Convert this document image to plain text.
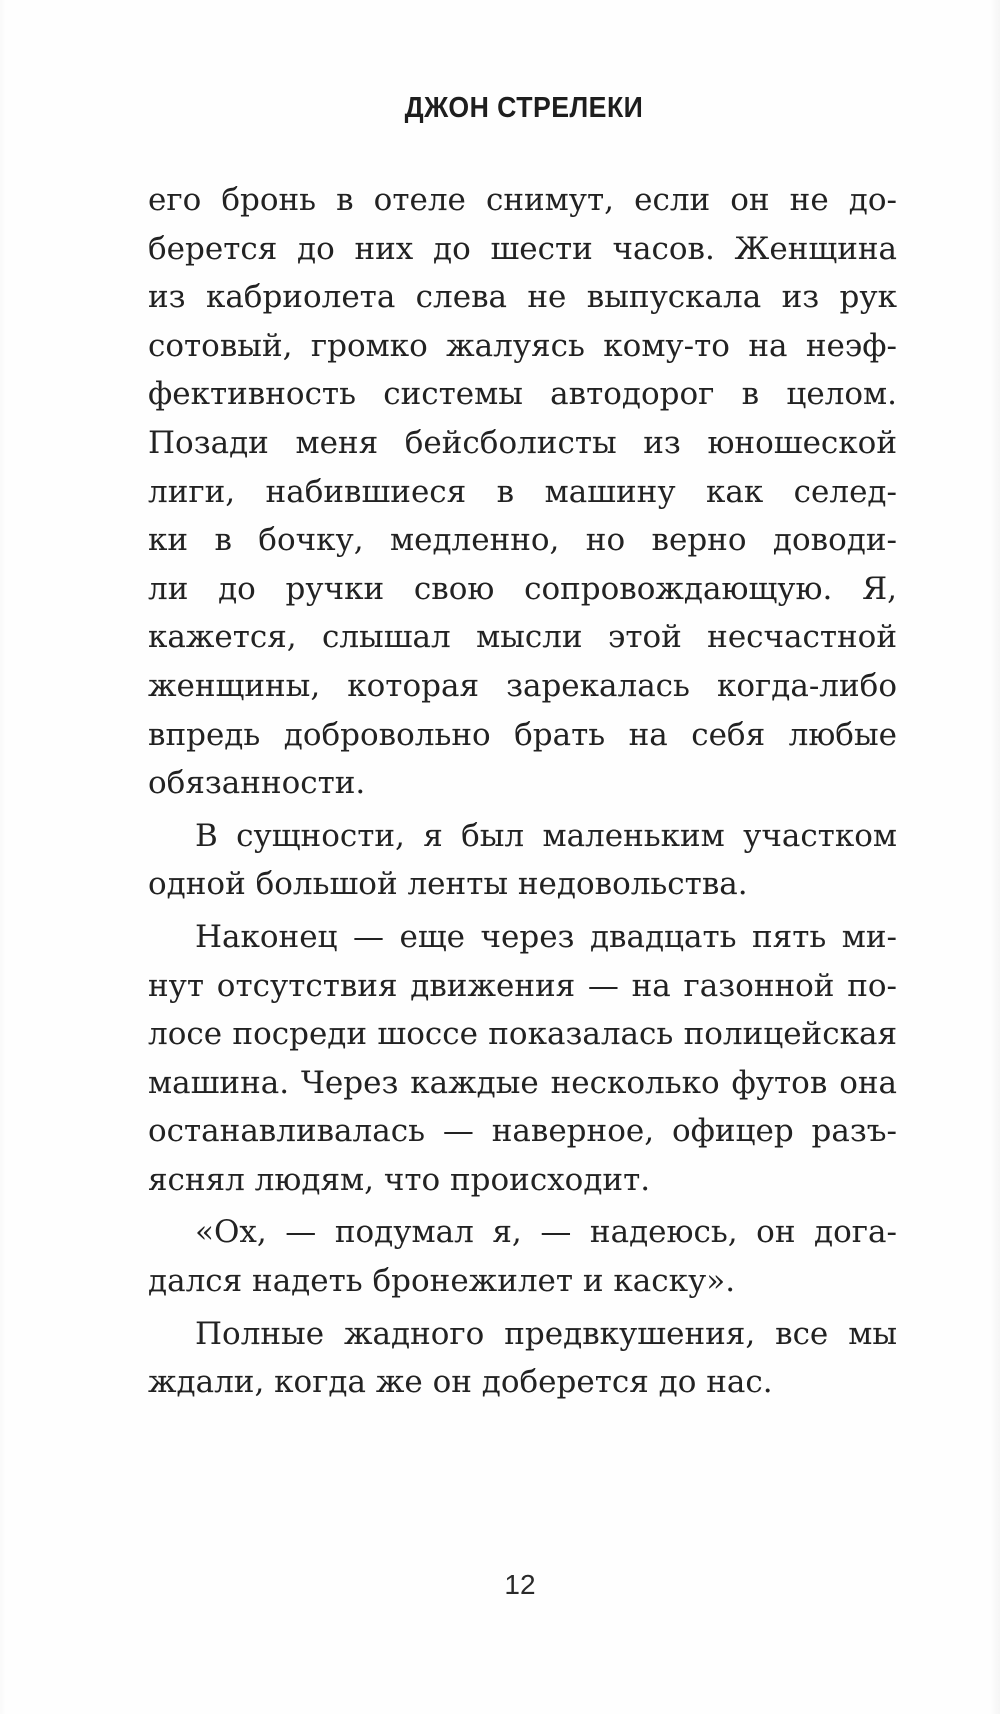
ДЖОН СТРЕЛЕКИ
его бронь в отеле снимут, если он не до-
берется до них до шести часов. Женщина
из кабриолета слева не выпускала из рук
сотовый, громко жалуясь кому-то на неэф-
фективность системы автодорог в целом.
Позади меня бейсболисты из юношеской
лиги, набившиеся в машину как селед-
ки в бочку, медленно, но верно доводи-
ли до ручки свою сопровождающую. Я,
кажется, слышал мысли этой несчастной
женщины, которая зарекалась когда-либо
впредь добровольно брать на себя любые
обязанности.
В сущности, я был маленьким участком
одной большой ленты недовольства.
Наконец — еще через двадцать пять ми-
нут отсутствия движения — на газонной по-
лосе посреди шоссе показалась полицейская
машина. Через каждые несколько футов она
останавливалась — наверное, офицер разъ-
яснял людям, что происходит.
«Ох, — подумал я, — надеюсь, он дога-
дался надеть бронежилет и каску».
Полные жадного предвкушения, все мы
ждали, когда же он доберется до нас.
12
